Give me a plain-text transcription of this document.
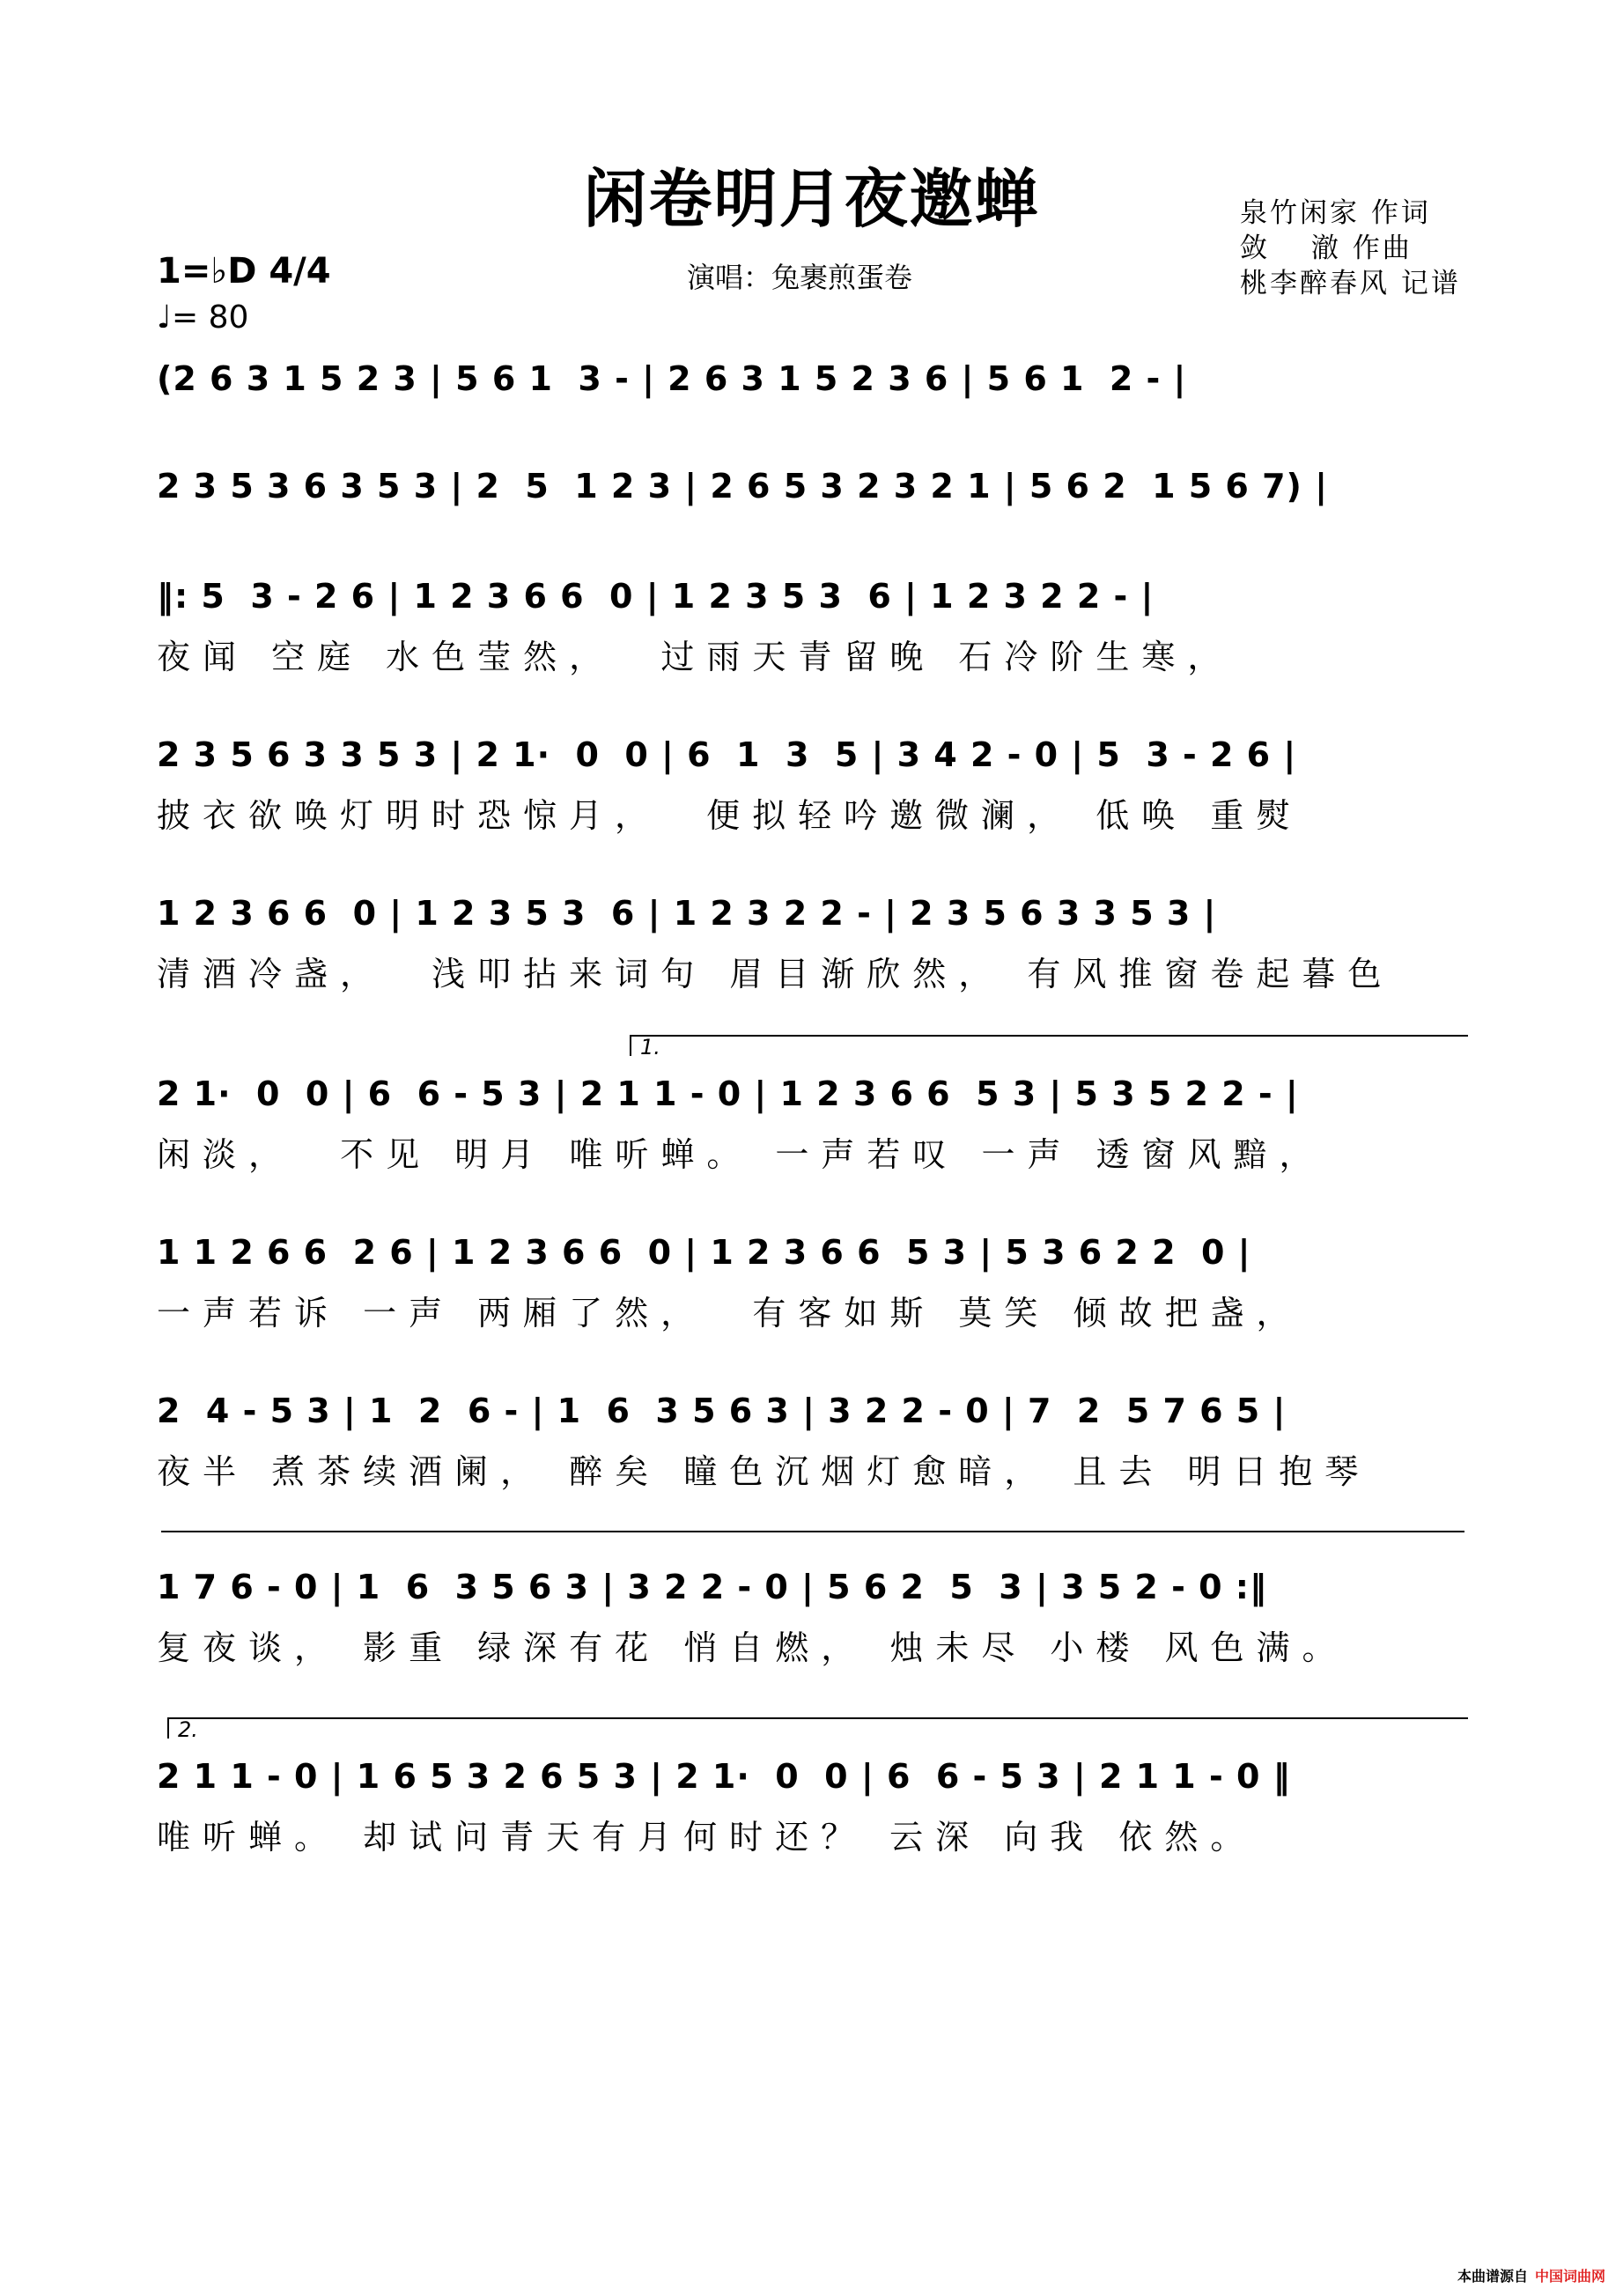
闲卷明月夜邀蝉
演唱：兔裹煎蛋卷
泉竹闲家 作词
敛　 澈 作曲
桃李醉春风 记谱
1=♭D 4/4
♩= 80
(2 6 3 1 5 2 3 | 5 6 1  3 - | 2 6 3 1 5 2 3 6 | 5 6 1  2 - |
2 3 5 3 6 3 5 3 | 2  5  1 2 3 | 2 6 5 3 2 3 2 1 | 5 6 2  1 5 6 7) |
‖: 5  3 - 2 6 | 1 2 3 6 6  0 | 1 2 3 5 3  6 | 1 2 3 2 2 - |
夜闻 空庭 水色莹然，  过雨天青留晚 石冷阶生寒，
2 3 5 6 3 3 5 3 | 2 1·  0  0 | 6  1  3  5 | 3 4 2 - 0 | 5  3 - 2 6 |
披衣欲唤灯明时恐惊月，  便拟轻吟邀微澜， 低唤 重熨
1 2 3 6 6  0 | 1 2 3 5 3  6 | 1 2 3 2 2 - | 2 3 5 6 3 3 5 3 |
清酒冷盏，  浅叩拈来词句 眉目渐欣然， 有风推窗卷起暮色
1.
2 1·  0  0 | 6  6 - 5 3 | 2 1 1 - 0 | 1 2 3 6 6  5 3 | 5 3 5 2 2 - |
闲淡，  不见 明月 唯听蝉。 一声若叹 一声 透窗风黯，
1 1 2 6 6  2 6 | 1 2 3 6 6  0 | 1 2 3 6 6  5 3 | 5 3 6 2 2  0 |
一声若诉 一声 两厢了然，  有客如斯 莫笑 倾故把盏，
2  4 - 5 3 | 1  2  6 - | 1  6  3 5 6 3 | 3 2 2 - 0 | 7  2  5 7 6 5 |
夜半 煮茶续酒阑， 醉矣 瞳色沉烟灯愈暗， 且去 明日抱琴
1 7 6 - 0 | 1  6  3 5 6 3 | 3 2 2 - 0 | 5 6 2  5  3 | 3 5 2 - 0 :‖
复夜谈， 影重 绿深有花 悄自燃， 烛未尽 小楼 风色满。
2.
2 1 1 - 0 | 1 6 5 3 2 6 5 3 | 2 1·  0  0 | 6  6 - 5 3 | 2 1 1 - 0 ‖
唯听蝉。 却试问青天有月何时还？ 云深 向我 依然。
本曲谱源自 中国词曲网
